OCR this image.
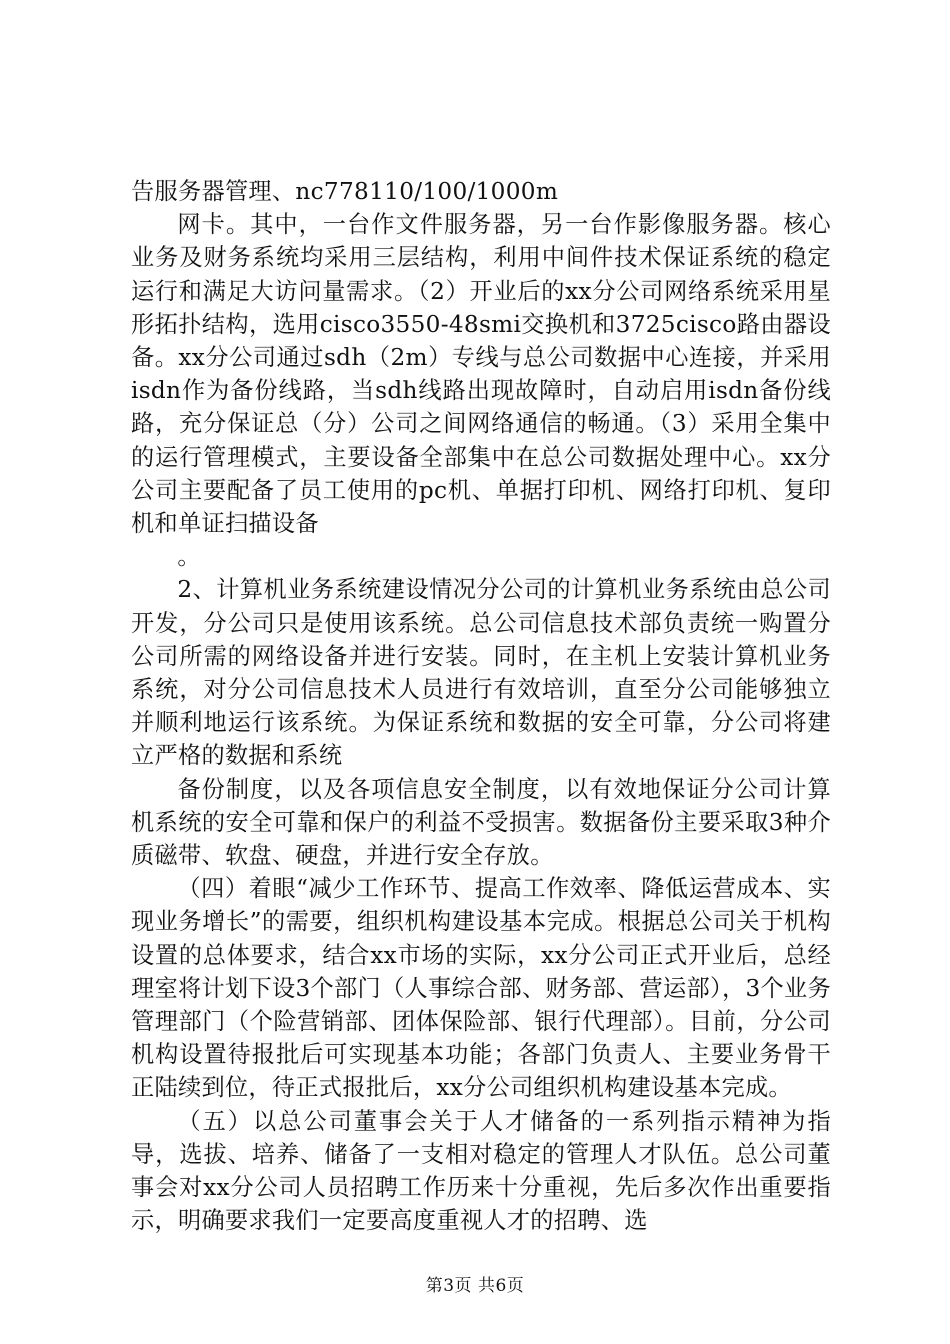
告服务器管理、nc778110/100/1000m

网卡。其中，一台作文件服务器，另一台作影像服务器。核心业务及财务系统均采用三层结构，利用中间件技术保证系统的稳定运行和满足大访问量需求。（2）开业后的xx分公司网络系统采用星形拓扑结构，选用cisco3550-48smi交换机和3725cisco路由器设备。xx分公司通过sdh（2m）专线与总公司数据中心连接，并采用isdn作为备份线路，当sdh线路出现故障时，自动启用isdn备份线路，充分保证总（分）公司之间网络通信的畅通。（3）采用全集中的运行管理模式，主要设备全部集中在总公司数据处理中心。xx分公司主要配备了员工使用的pc机、单据打印机、网络打印机、复印机和单证扫描设备

。

2、计算机业务系统建设情况分公司的计算机业务系统由总公司开发，分公司只是使用该系统。总公司信息技术部负责统一购置分公司所需的网络设备并进行安装。同时，在主机上安装计算机业务系统，对分公司信息技术人员进行有效培训，直至分公司能够独立并顺利地运行该系统。为保证系统和数据的安全可靠，分公司将建立严格的数据和系统

备份制度，以及各项信息安全制度，以有效地保证分公司计算机系统的安全可靠和保户的利益不受损害。数据备份主要采取3种介质磁带、软盘、硬盘，并进行安全存放。

（四）着眼“减少工作环节、提高工作效率、降低运营成本、实现业务增长”的需要，组织机构建设基本完成。根据总公司关于机构设置的总体要求，结合xx市场的实际，xx分公司正式开业后，总经理室将计划下设3个部门（人事综合部、财务部、营运部），3个业务管理部门（个险营销部、团体保险部、银行代理部）。目前，分公司机构设置待报批后可实现基本功能；各部门负责人、主要业务骨干正陆续到位，待正式报批后，xx分公司组织机构建设基本完成。

（五）以总公司董事会关于人才储备的一系列指示精神为指导，选拔、培养、储备了一支相对稳定的管理人才队伍。总公司董事会对xx分公司人员招聘工作历来十分重视，先后多次作出重要指示，明确要求我们一定要高度重视人才的招聘、选

第3页 共6页
